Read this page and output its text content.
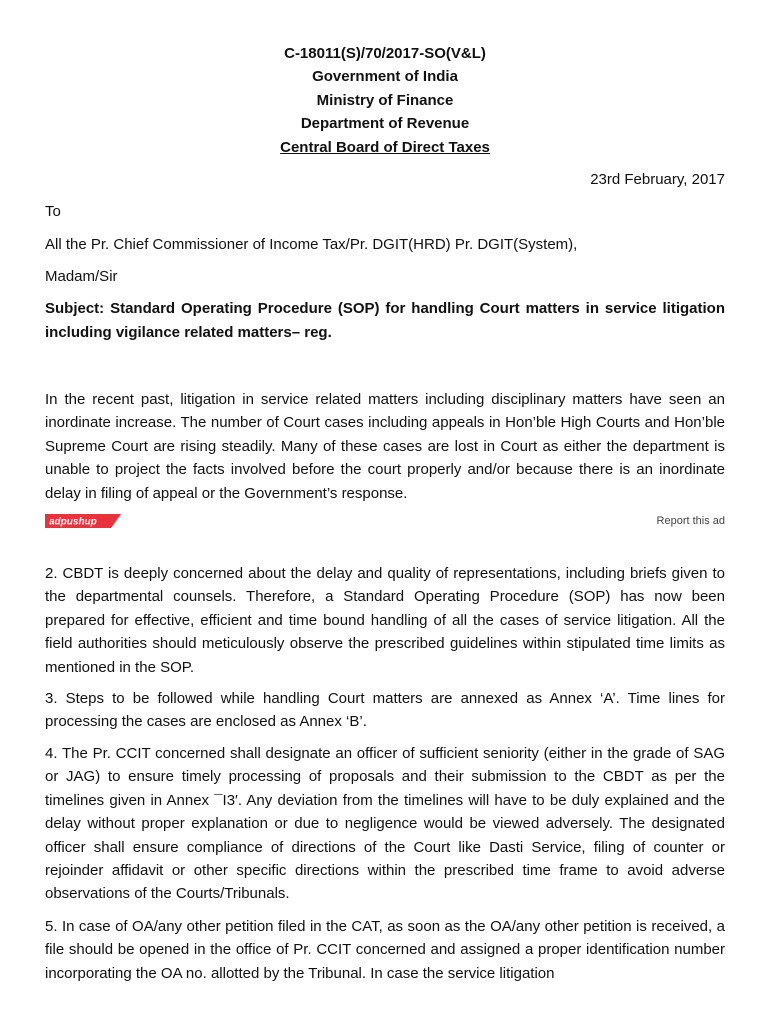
C-18011(S)/70/2017-SO(V&L)
Government of India
Ministry of Finance
Department of Revenue
Central Board of Direct Taxes
23rd February, 2017
To
All the Pr. Chief Commissioner of Income Tax/Pr. DGIT(HRD) Pr. DGIT(System),
Madam/Sir
Subject: Standard Operating Procedure (SOP) for handling Court matters in service litigation including vigilance related matters– reg.
In the recent past, litigation in service related matters including disciplinary matters have seen an inordinate increase. The number of Court cases including appeals in Hon’ble High Courts and Hon’ble Supreme Court are rising steadily. Many of these cases are lost in Court as either the department is unable to project the facts involved before the court properly and/or because there is an inordinate delay in filing of appeal or the Government’s response.
adpushup	Report this ad
2. CBDT is deeply concerned about the delay and quality of representations, including briefs given to the departmental counsels. Therefore, a Standard Operating Procedure (SOP) has now been prepared for effective, efficient and time bound handling of all the cases of service litigation. All the field authorities should meticulously observe the prescribed guidelines within stipulated time limits as mentioned in the SOP.
3. Steps to be followed while handling Court matters are annexed as Annex ‘A’. Time lines for processing the cases are enclosed as Annex ‘B’.
4. The Pr. CCIT concerned shall designate an officer of sufficient seniority (either in the grade of SAG or JAG) to ensure timely processing of proposals and their submission to the CBDT as per the timelines given in Annex ¯I3′. Any deviation from the timelines will have to be duly explained and the delay without proper explanation or due to negligence would be viewed adversely. The designated officer shall ensure compliance of directions of the Court like Dasti Service, filing of counter or rejoinder affidavit or other specific directions within the prescribed time frame to avoid adverse observations of the Courts/Tribunals.
5. In case of OA/any other petition filed in the CAT, as soon as the OA/any other petition is received, a file should be opened in the office of Pr. CCIT concerned and assigned a proper identification number incorporating the OA no. allotted by the Tribunal. In case the service litigation
